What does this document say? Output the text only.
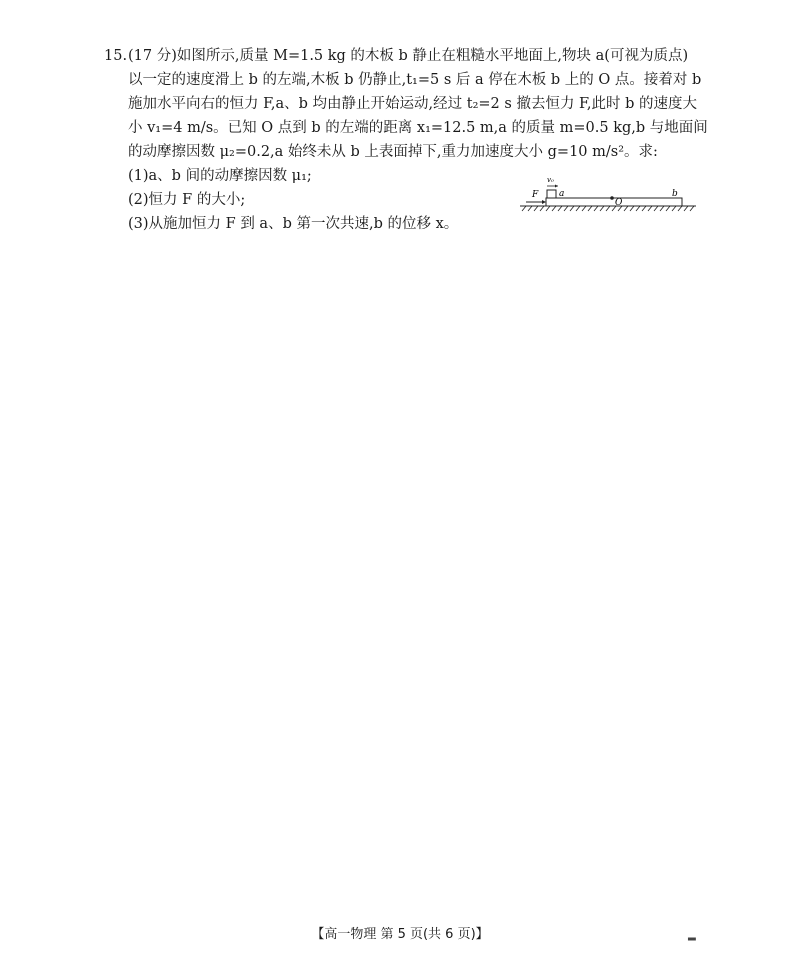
15. (17 分)如图所示,质量 M=1.5 kg 的木板 b 静止在粗糙水平地面上,物块 a(可视为质点)
以一定的速度滑上 b 的左端,木板 b 仍静止,t₁=5 s 后 a 停在木板 b 上的 O 点。接着对 b
施加水平向右的恒力 F,a、b 均由静止开始运动,经过 t₂=2 s 撤去恒力 F,此时 b 的速度大
小 v₁=4 m/s。已知 O 点到 b 的左端的距离 x₁=12.5 m,a 的质量 m=0.5 kg,b 与地面间
的动摩擦因数 μ₂=0.2,a 始终未从 b 上表面掉下,重力加速度大小 g=10 m/s²。求:
(1)a、b 间的动摩擦因数 μ₁;
(2)恒力 F 的大小;
(3)从施加恒力 F 到 a、b 第一次共速,b 的位移 x。
v₀
F a	b
O
【高一物理 第 5 页(共 6 页)】	▂
